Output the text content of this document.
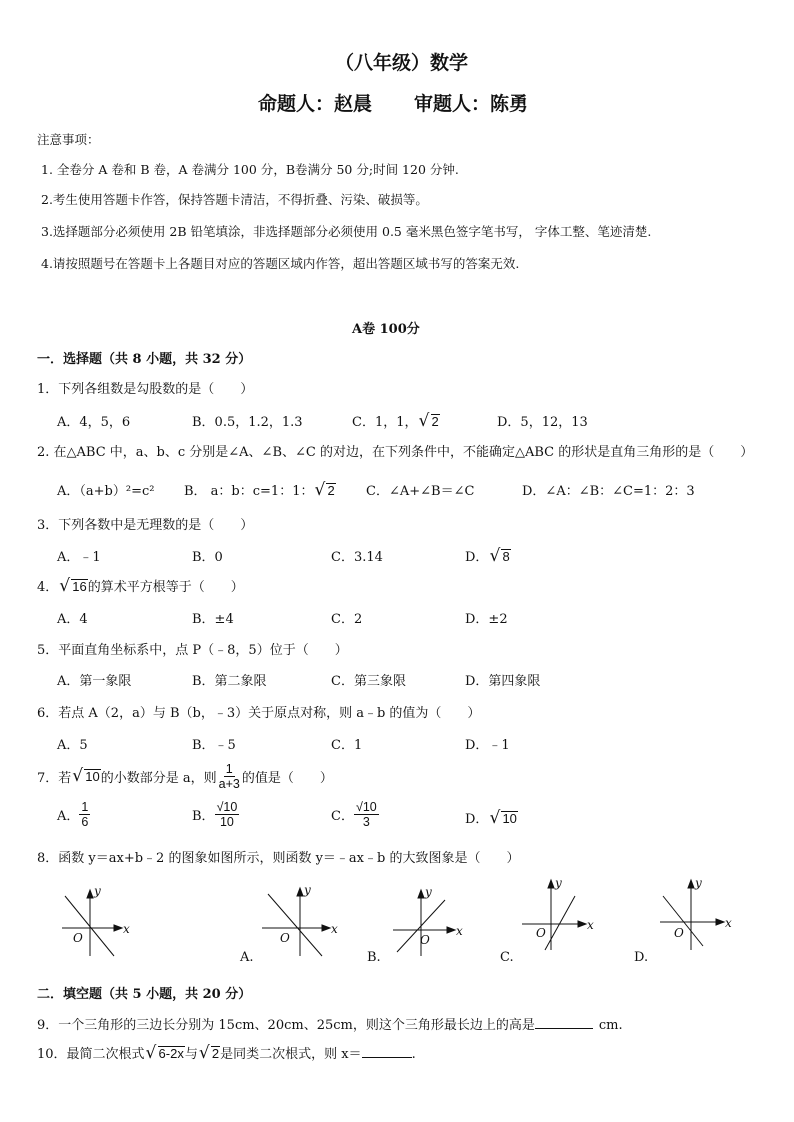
（八年级）数学
命题人：赵晨 审题人：陈勇
注意事项：
1. 全卷分 A 卷和 B 卷，A 卷满分 100 分，B卷满分 50 分;时间 120 分钟.
2.考生使用答题卡作答，保持答题卡清洁，不得折叠、污染、破损等。
3.选择题部分必须使用 2B 铅笔填涂，非选择题部分必须使用 0.5 毫米黑色签字笔书写， 字体工整、笔迹清楚.
4.请按照题号在答题卡上各题目对应的答题区域内作答，超出答题区域书写的答案无效.
A卷 100分
一．选择题（共 8 小题，共 32 分）
1．下列各组数是勾股数的是（　　）
A．4，5，6	B．0.5，1.2，1.3	C．1，1， √ 2	D．5，12，13
2. 在△ABC 中，a、b、c 分别是∠A、∠B、∠C 的对边，在下列条件中，不能确定△ABC 的形状是直角三角形的是（　　）
A．（a+b）²=c² B． a：b：c=1：1： √ 2 C．∠A+∠B＝∠C	D．∠A：∠B：∠C=1：2：3
3．下列各数中是无理数的是（　　）
A．﹣1	B．0	C．3.14	D． √ 8
4． √ 16的算术平方根等于（　　）
A．4	B．±4	C．2	D．±2
5．平面直角坐标系中，点 P（﹣8，5）位于（　　）
A．第一象限	B．第二象限	C．第三象限	D．第四象限
6．若点 A（2，a）与 B（b，﹣3）关于原点对称，则 a﹣b 的值为（　　）
A．5	B．﹣5	C．1	D．﹣1
7．若	√ 10 的小数部分是 a，则 $\frac{1}{a+3}$ 的值是（　　）
A． $\frac{1}{6}$	B． $\frac{√10}{10}$	C． $\frac{√10}{3}$	D． √ 10
8．函数 y＝ax+b﹣2 的图象如图所示，则函数 y＝﹣ax﹣b 的大致图象是（　　）
x
y
O
x
y
O	x
y
O
x
y
O
x
y
O
A.	B.	C.	D.
二．填空题（共 5 小题，共 20 分）
9．一个三角形的三边长分别为 15cm、20cm、25cm，则这个三角形最长边上的高是	cm.
10．最简二次根式 √ 6-2x与 √ 2是同类二次根式，则 x＝	.
